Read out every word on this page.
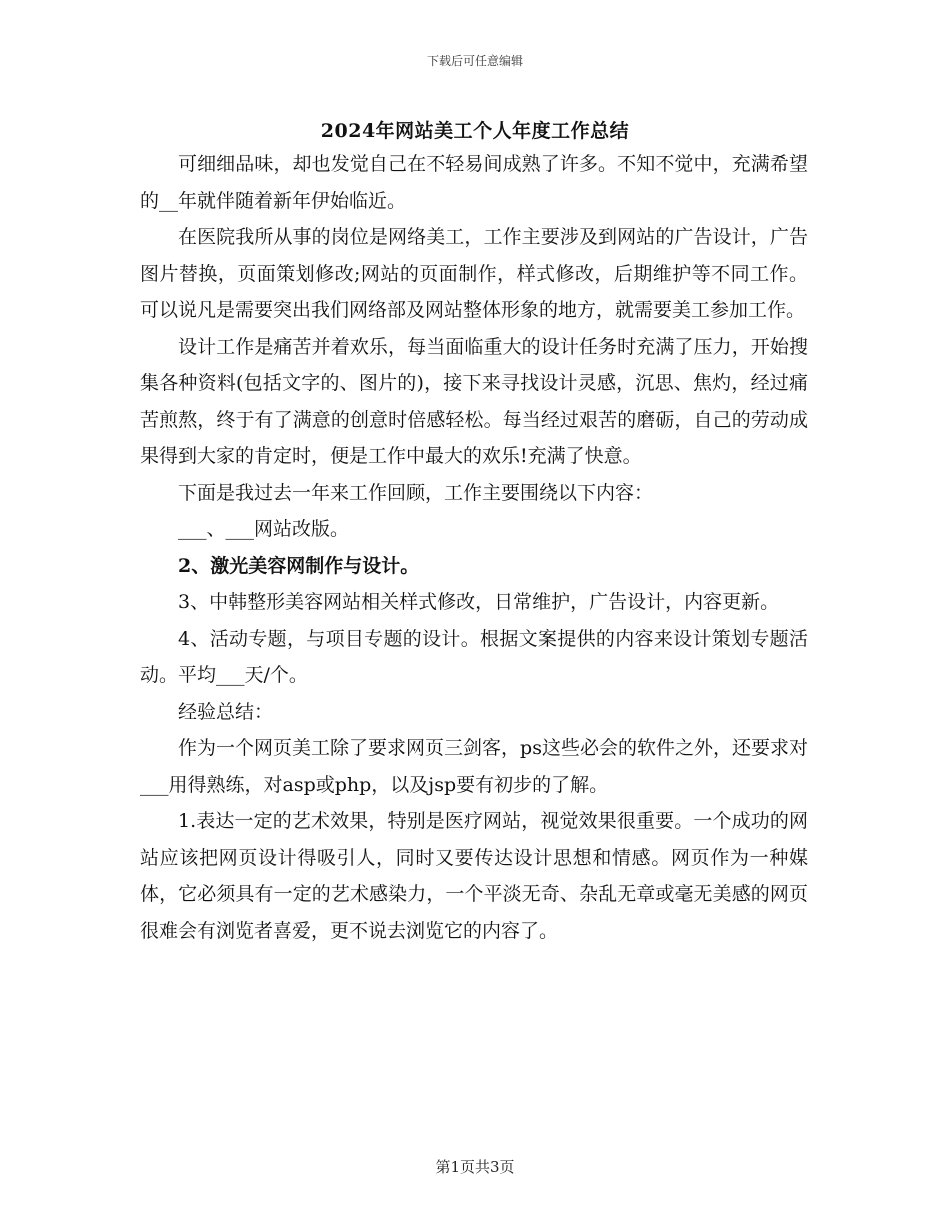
下载后可任意编辑
2024年网站美工个人年度工作总结

可细细品味，却也发觉自己在不轻易间成熟了许多。不知不觉中，充满希望的__年就伴随着新年伊始临近。

在医院我所从事的岗位是网络美工，工作主要涉及到网站的广告设计，广告图片替换，页面策划修改;网站的页面制作，样式修改，后期维护等不同工作。可以说凡是需要突出我们网络部及网站整体形象的地方，就需要美工参加工作。

设计工作是痛苦并着欢乐，每当面临重大的设计任务时充满了压力，开始搜集各种资料(包括文字的、图片的)，接下来寻找设计灵感，沉思、焦灼，经过痛苦煎熬，终于有了满意的创意时倍感轻松。每当经过艰苦的磨砺，自己的劳动成果得到大家的肯定时，便是工作中最大的欢乐!充满了快意。

下面是我过去一年来工作回顾，工作主要围绕以下内容：

___、___网站改版。

2、激光美容网制作与设计。

3、中韩整形美容网站相关样式修改，日常维护，广告设计，内容更新。

4、活动专题，与项目专题的设计。根据文案提供的内容来设计策划专题活动。平均___天/个。

经验总结：

作为一个网页美工除了要求网页三剑客，ps这些必会的软件之外，还要求对___用得熟练，对asp或php，以及jsp要有初步的了解。

1.表达一定的艺术效果，特别是医疗网站，视觉效果很重要。一个成功的网站应该把网页设计得吸引人，同时又要传达设计思想和情感。网页作为一种媒体，它必须具有一定的艺术感染力，一个平淡无奇、杂乱无章或毫无美感的网页很难会有浏览者喜爱，更不说去浏览它的内容了。

第1页共3页
